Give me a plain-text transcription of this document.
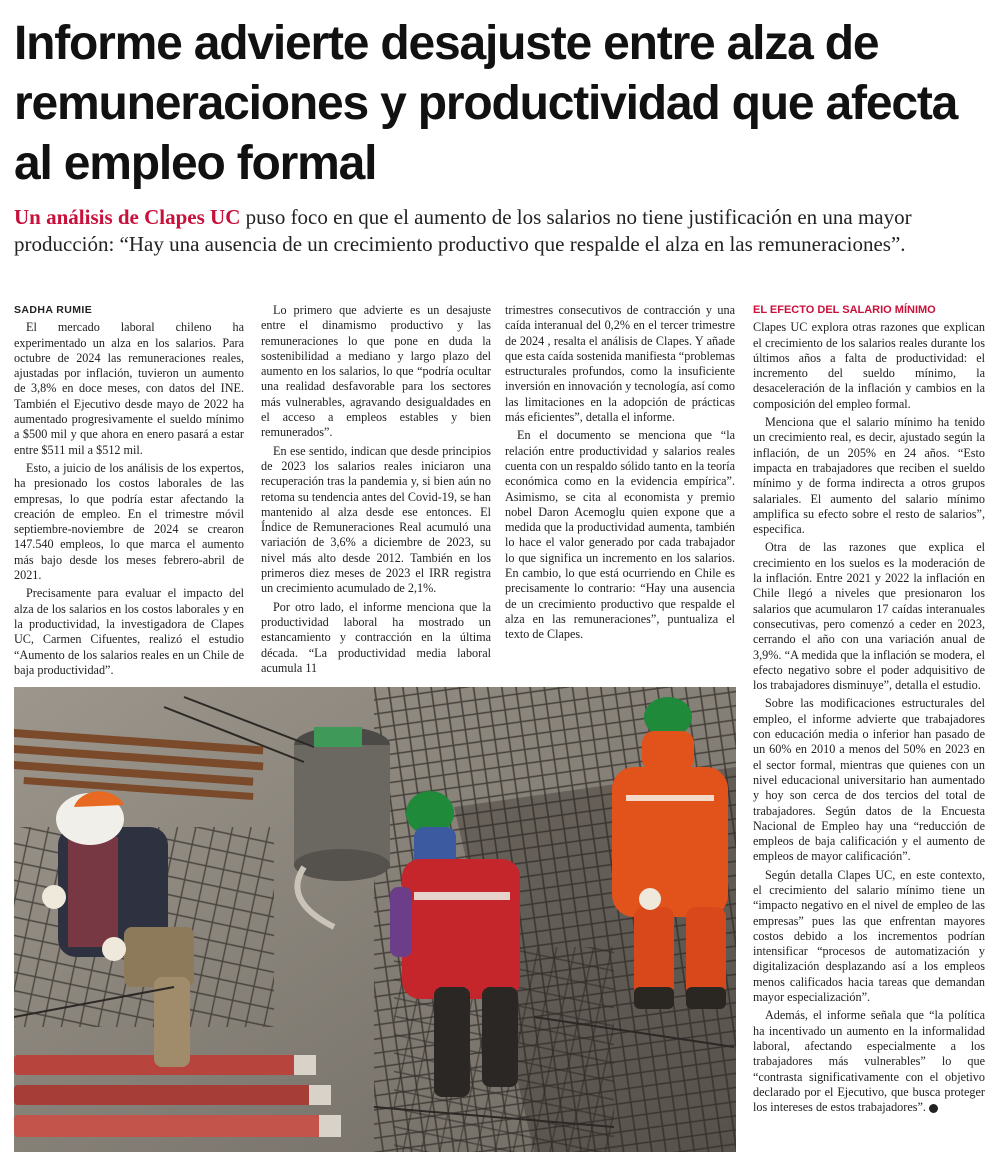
Informe advierte desajuste entre alza de remuneraciones y productividad que afecta al empleo formal
Un análisis de Clapes UC puso foco en que el aumento de los salarios no tiene justificación en una mayor producción: “Hay una ausencia de un crecimiento productivo que respalde el alza en las remuneraciones”.
SADHA RUMIE

El mercado laboral chileno ha experimentado un alza en los salarios. Para octubre de 2024 las remuneraciones reales, ajustadas por inflación, tuvieron un aumento de 3,8% en doce meses, con datos del INE. También el Ejecutivo desde mayo de 2022 ha aumentado progresivamente el sueldo mínimo a $500 mil y que ahora en enero pasará a estar entre $511 mil a $512 mil.

Esto, a juicio de los análisis de los expertos, ha presionado los costos laborales de las empresas, lo que podría estar afectando la creación de empleo. En el trimestre móvil septiembre-noviembre de 2024 se crearon 147.540 empleos, lo que marca el aumento más bajo desde los meses febrero-abril de 2021.

Precisamente para evaluar el impacto del alza de los salarios en los costos laborales y en la productividad, la investigadora de Clapes UC, Carmen Cifuentes, realizó el estudio “Aumento de los salarios reales en un Chile de baja productividad”.

Lo primero que advierte es un desajuste entre el dinamismo productivo y las remuneraciones lo que pone en duda la sostenibilidad a mediano y largo plazo del aumento en los salarios, lo que “podría ocultar una realidad desfavorable para los sectores más vulnerables, agravando desigualdades en el acceso a empleos estables y bien remunerados”.

En ese sentido, indican que desde principios de 2023 los salarios reales iniciaron una recuperación tras la pandemia y, si bien aún no retoma su tendencia antes del Covid-19, se han mantenido al alza desde ese entonces. El Índice de Remuneraciones Real acumuló una variación de 3,6% a diciembre de 2023, su nivel más alto desde 2012. También en los primeros diez meses de 2023 el IRR registra un crecimiento acumulado de 2,1%.

Por otro lado, el informe menciona que la productividad laboral ha mostrado un estancamiento y contracción en la última década. “La productividad media laboral acumula 11

trimestres consecutivos de contracción y una caída interanual del 0,2% en el tercer trimestre de 2024 , resalta el análisis de Clapes. Y añade que esta caída sostenida manifiesta “problemas estructurales profundos, como la insuficiente inversión en innovación y tecnología, así como las limitaciones en la adopción de prácticas más eficientes”, detalla el informe.

En el documento se menciona que “la relación entre productividad y salarios reales cuenta con un respaldo sólido tanto en la teoría económica como en la evidencia empírica”. Asimismo, se cita al economista y premio nobel Daron Acemoglu quien expone que a medida que la productividad aumenta, también lo hace el valor generado por cada trabajador lo que significa un incremento en los salarios. En cambio, lo que está ocurriendo en Chile es precisamente lo contrario: “Hay una ausencia de un crecimiento productivo que respalde el alza en las remuneraciones”, puntualiza el texto de Clapes.

EL EFECTO DEL SALARIO MÍNIMO

Clapes UC explora otras razones que explican el crecimiento de los salarios reales durante los últimos años a falta de productividad: el incremento del sueldo mínimo, la desaceleración de la inflación y cambios en la composición del empleo formal.

Menciona que el salario mínimo ha tenido un crecimiento real, es decir, ajustado según la inflación, de un 205% en 24 años. “Esto impacta en trabajadores que reciben el sueldo mínimo y de forma indirecta a otros grupos salariales. El aumento del salario mínimo amplifica su efecto sobre el resto de salarios”, especifica.

Otra de las razones que explica el crecimiento en los suelos es la moderación de la inflación. Entre 2021 y 2022 la inflación en Chile llegó a niveles que presionaron los salarios que acumularon 17 caídas interanuales consecutivas, pero comenzó a ceder en 2023, cerrando el año con una variación anual de 3,9%. “A medida que la inflación se modera, el efecto negativo sobre el poder adquisitivo de los trabajadores disminuye”, detalla el estudio.

Sobre las modificaciones estructurales del empleo, el informe advierte que trabajadores con educación media o inferior han pasado de un 60% en 2010 a menos del 50% en 2023 en el sector formal, mientras que quienes con un nivel educacional universitario han aumentado y hoy son cerca de dos tercios del total de trabajadores. Según datos de la Encuesta Nacional de Empleo hay una “reducción de empleos de baja calificación y el aumento de empleos de mayor calificación”.

Según detalla Clapes UC, en este contexto, el crecimiento del salario mínimo tiene un “impacto negativo en el nivel de empleo de las empresas” pues las que enfrentan mayores costos debido a los incrementos podrían intensificar “procesos de automatización y digitalización desplazando así a los empleos menos calificados hacia tareas que demandan mayor especialización”.

Además, el informe señala que “la política ha incentivado un aumento en la informalidad laboral, afectando especialmente a los trabajadores más vulnerables” lo que “contrasta significativamente con el objetivo declarado por el Ejecutivo, que busca proteger los intereses de estos trabajadores”.
